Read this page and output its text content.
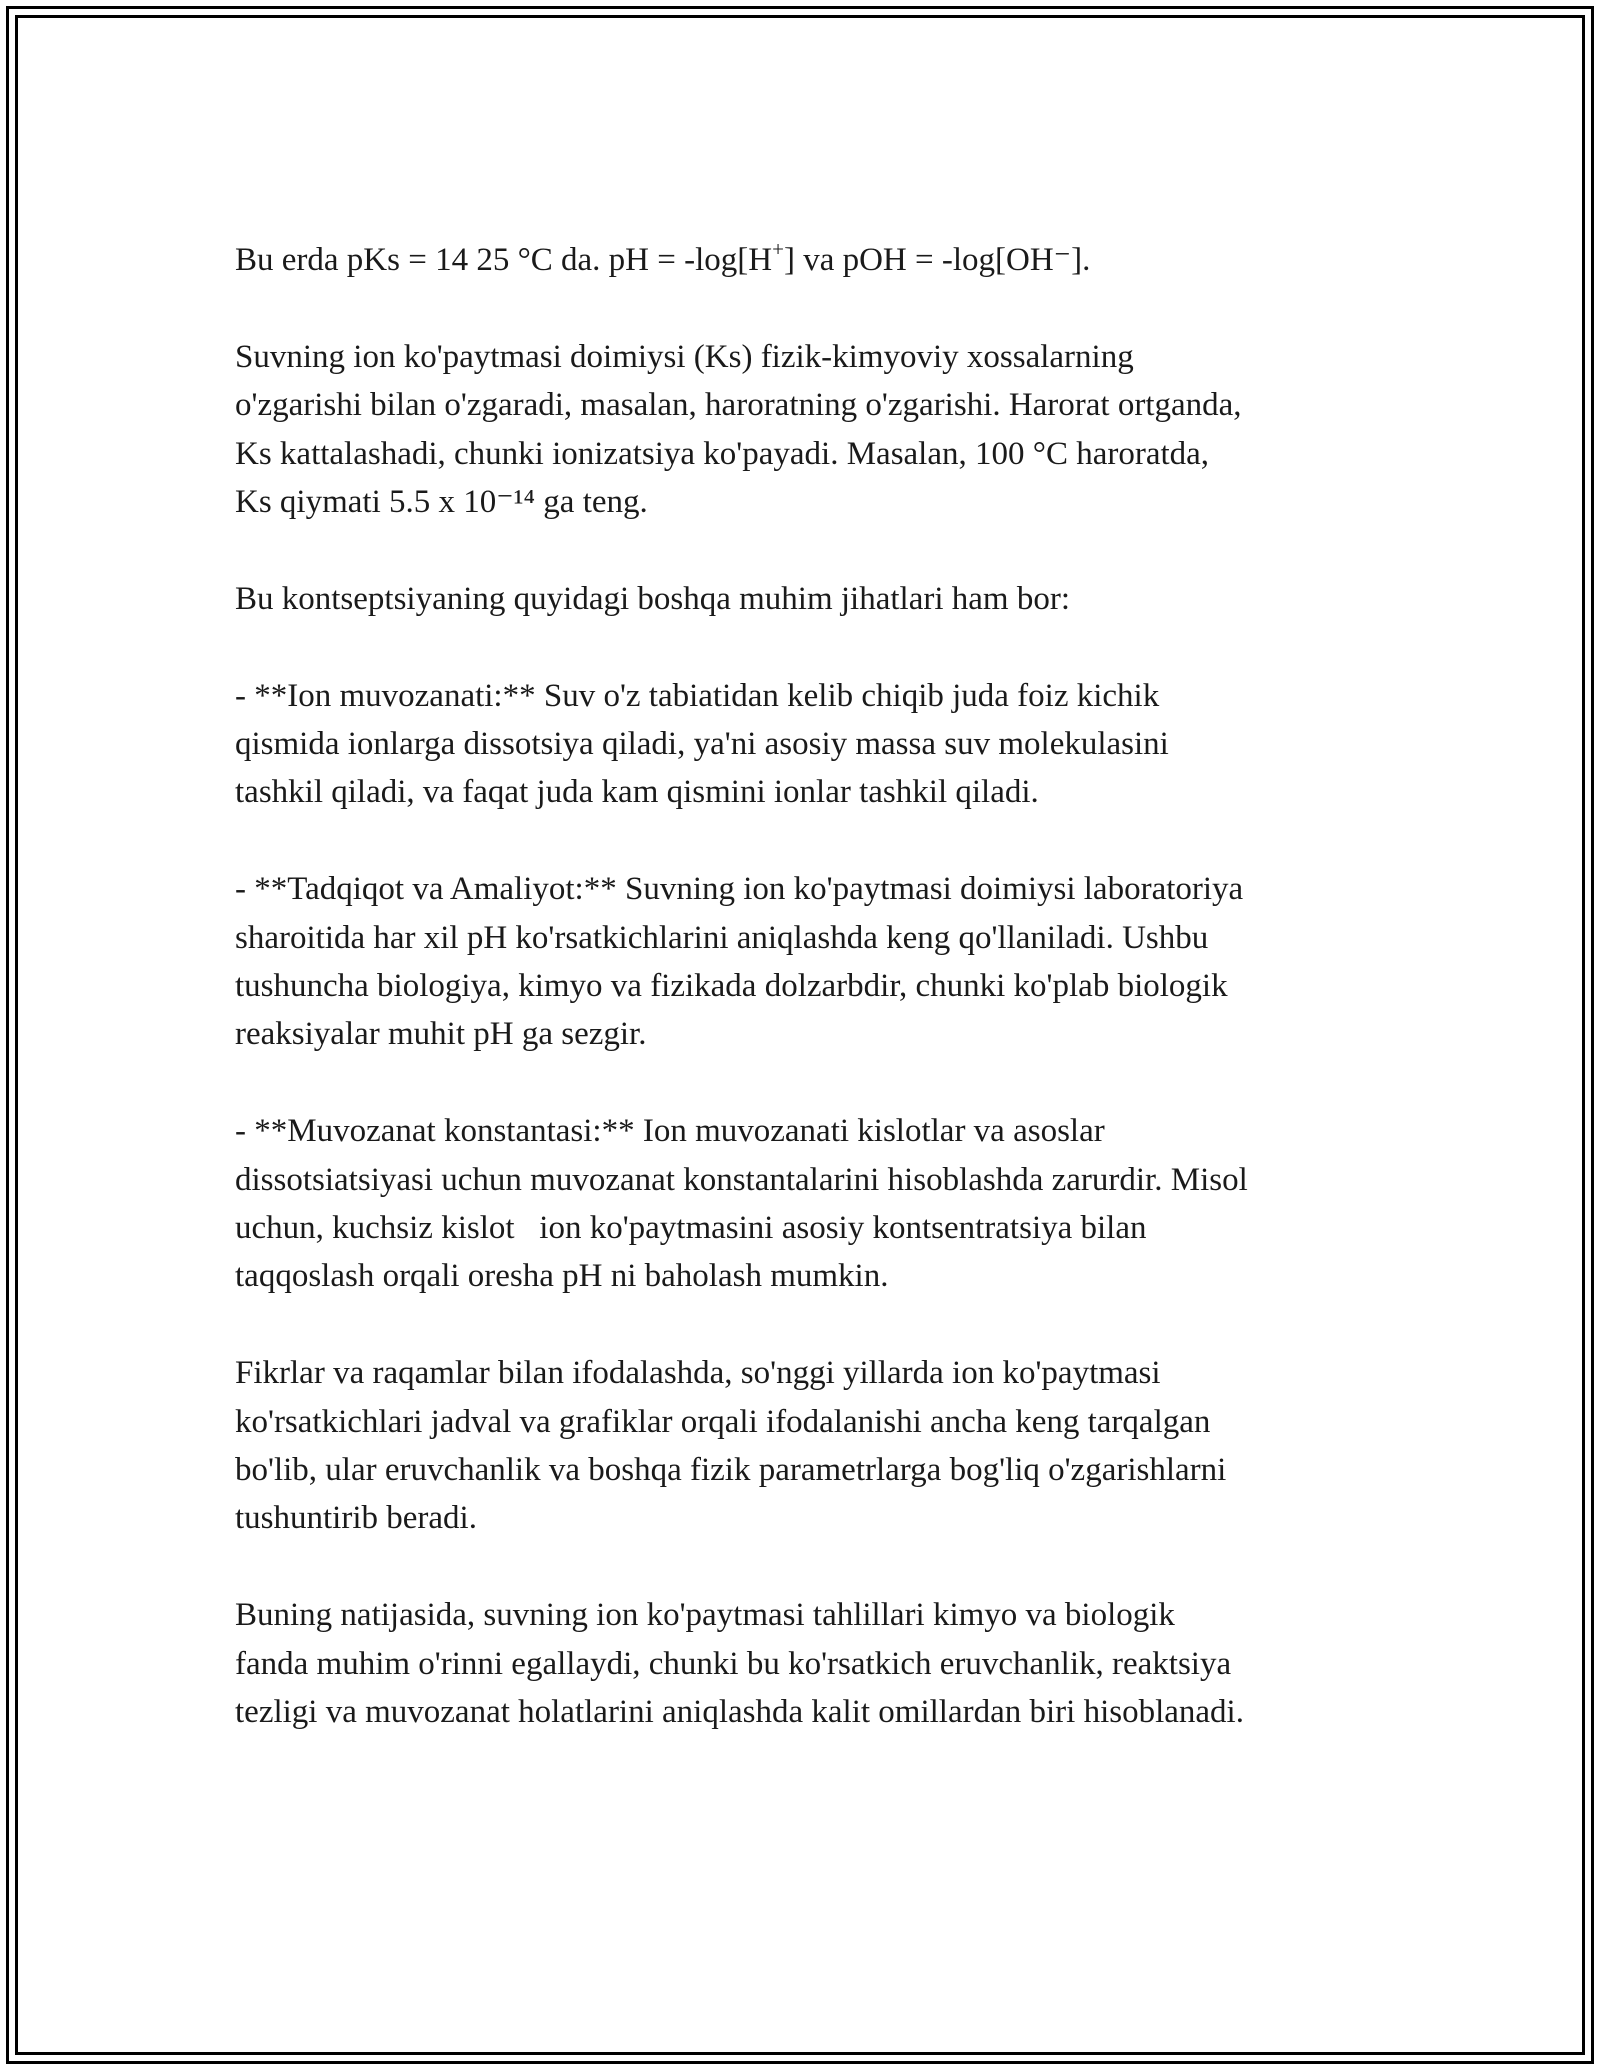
Bu erda pKs = 14 25 °C da. pH = -log[H+] va pOH = -log[OH⁻].

Suvning ion ko'paytmasi doimiysi (Ks) fizik-kimyoviy xossalarning
o'zgarishi bilan o'zgaradi, masalan, haroratning o'zgarishi. Harorat ortganda,
Ks kattalashadi, chunki ionizatsiya ko'payadi. Masalan, 100 °C haroratda,
Ks qiymati 5.5 x 10⁻¹⁴ ga teng.

Bu kontseptsiyaning quyidagi boshqa muhim jihatlari ham bor:

- **Ion muvozanati:** Suv o'z tabiatidan kelib chiqib juda foiz kichik
qismida ionlarga dissotsiya qiladi, ya'ni asosiy massa suv molekulasini
tashkil qiladi, va faqat juda kam qismini ionlar tashkil qiladi.

- **Tadqiqot va Amaliyot:** Suvning ion ko'paytmasi doimiysi laboratoriya
sharoitida har xil pH ko'rsatkichlarini aniqlashda keng qo'llaniladi. Ushbu
tushuncha biologiya, kimyo va fizikada dolzarbdir, chunki ko'plab biologik
reaksiyalar muhit pH ga sezgir.

- **Muvozanat konstantasi:** Ion muvozanati kislotlar va asoslar
dissotsiatsiyasi uchun muvozanat konstantalarini hisoblashda zarurdir. Misol
uchun, kuchsiz kislot   ion ko'paytmasini asosiy kontsentratsiya bilan
taqqoslash orqali oresha pH ni baholash mumkin.

Fikrlar va raqamlar bilan ifodalashda, so'nggi yillarda ion ko'paytmasi
ko'rsatkichlari jadval va grafiklar orqali ifodalanishi ancha keng tarqalgan
bo'lib, ular eruvchanlik va boshqa fizik parametrlarga bog'liq o'zgarishlarni
tushuntirib beradi.

Buning natijasida, suvning ion ko'paytmasi tahlillari kimyo va biologik
fanda muhim o'rinni egallaydi, chunki bu ko'rsatkich eruvchanlik, reaktsiya
tezligi va muvozanat holatlarini aniqlashda kalit omillardan biri hisoblanadi.
